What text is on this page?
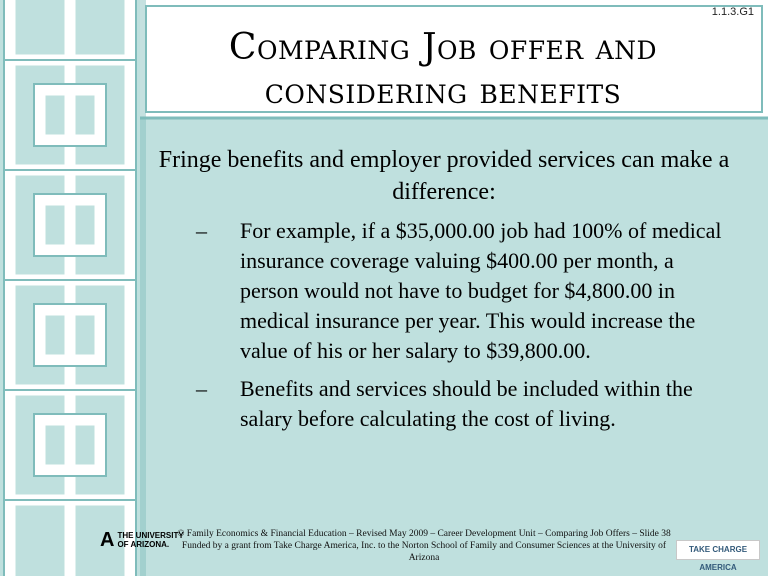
1.1.3.G1
Comparing Job offer and
considering benefits
Fringe benefits and employer provided services can make a difference:
– For example, if a $35,000.00 job had 100% of medical insurance coverage valuing $400.00 per month, a person would not have to budget for $4,800.00 in medical insurance per year. This would increase the value of his or her salary to $39,800.00.
– Benefits and services should be included within the salary before calculating the cost of living.
A THE UNIVERSITY
OF ARIZONA.
© Family Economics & Financial Education – Revised May 2009 – Career Development Unit – Comparing Job Offers – Slide 38
Funded by a grant from Take Charge America, Inc. to the Norton School of Family and Consumer Sciences at the University of Arizona
TAKE CHARGE AMERICA
